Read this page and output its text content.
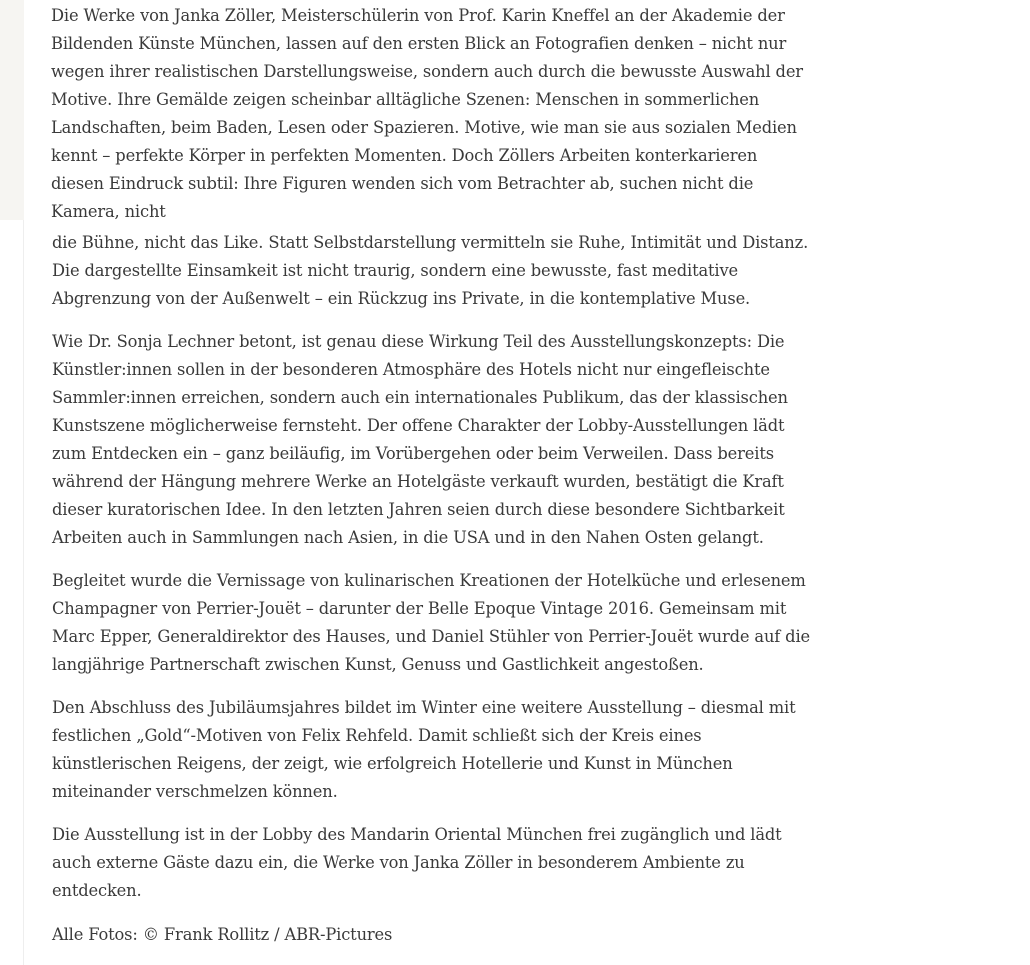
Die Werke von Janka Zöller, Meisterschülerin von Prof. Karin Kneffel an der Akademie der Bildenden Künste München, lassen auf den ersten Blick an Fotografien denken – nicht nur wegen ihrer realistischen Darstellungsweise, sondern auch durch die bewusste Auswahl der Motive. Ihre Gemälde zeigen scheinbar alltägliche Szenen: Menschen in sommerlichen Landschaften, beim Baden, Lesen oder Spazieren. Motive, wie man sie aus sozialen Medien kennt – perfekte Körper in perfekten Momenten. Doch Zöllers Arbeiten konterkarieren diesen Eindruck subtil: Ihre Figuren wenden sich vom Betrachter ab, suchen nicht die Kamera, nicht

die Bühne, nicht das Like. Statt Selbstdarstellung vermitteln sie Ruhe, Intimität und Distanz. Die dargestellte Einsamkeit ist nicht traurig, sondern eine bewusste, fast meditative Abgrenzung von der Außenwelt – ein Rückzug ins Private, in die kontemplative Muse.

Wie Dr. Sonja Lechner betont, ist genau diese Wirkung Teil des Ausstellungskonzepts: Die Künstler:innen sollen in der besonderen Atmosphäre des Hotels nicht nur eingefleischte Sammler:innen erreichen, sondern auch ein internationales Publikum, das der klassischen Kunstszene möglicherweise fernsteht. Der offene Charakter der Lobby-Ausstellungen lädt zum Entdecken ein – ganz beiläufig, im Vorübergehen oder beim Verweilen. Dass bereits während der Hängung mehrere Werke an Hotelgäste verkauft wurden, bestätigt die Kraft dieser kuratorischen Idee. In den letzten Jahren seien durch diese besondere Sichtbarkeit Arbeiten auch in Sammlungen nach Asien, in die USA und in den Nahen Osten gelangt.

Begleitet wurde die Vernissage von kulinarischen Kreationen der Hotelküche und erlesenem Champagner von Perrier-Jouët – darunter der Belle Epoque Vintage 2016. Gemeinsam mit Marc Epper, Generaldirektor des Hauses, und Daniel Stühler von Perrier-Jouët wurde auf die langjährige Partnerschaft zwischen Kunst, Genuss und Gastlichkeit angestoßen.

Den Abschluss des Jubiläumsjahres bildet im Winter eine weitere Ausstellung – diesmal mit festlichen „Gold“-Motiven von Felix Rehfeld. Damit schließt sich der Kreis eines künstlerischen Reigens, der zeigt, wie erfolgreich Hotellerie und Kunst in München miteinander verschmelzen können.

Die Ausstellung ist in der Lobby des Mandarin Oriental München frei zugänglich und lädt auch externe Gäste dazu ein, die Werke von Janka Zöller in besonderem Ambiente zu entdecken.

Alle Fotos: © Frank Rollitz / ABR-Pictures
